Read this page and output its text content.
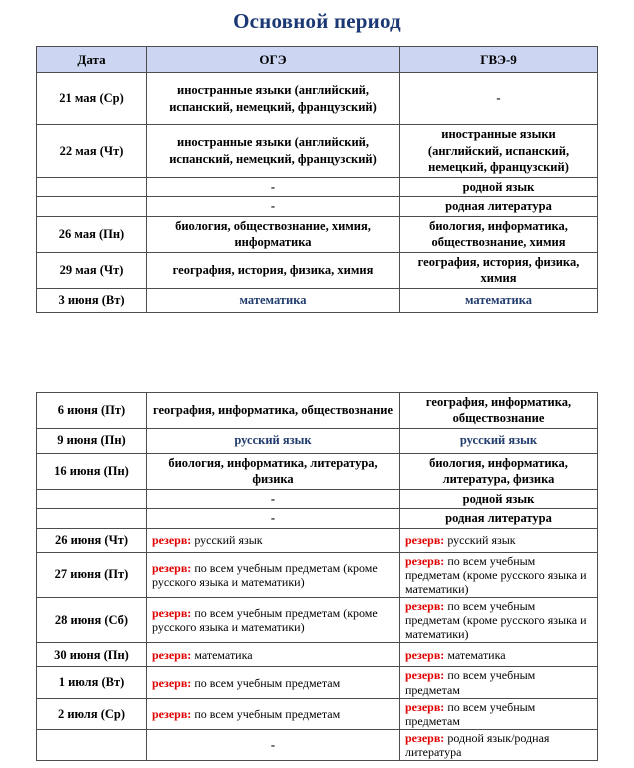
Основной период
Дата	ОГЭ	ГВЭ-9
21 мая (Ср)	иностранные языки (английский, испанский, немецкий, французский)	-
22 мая (Чт)	иностранные языки (английский, испанский, немецкий, французский)	иностранные языки (английский, испанский, немецкий, французский)
	-	родной язык
	-	родная литература
26 мая (Пн)	биология, обществознание, химия, информатика	биология, информатика, обществознание, химия
29 мая (Чт)	география, история, физика, химия	география, история, физика, химия
3 июня (Вт)	математика	математика
6 июня (Пт)	география, информатика, обществознание	география, информатика, обществознание
9 июня (Пн)	русский язык	русский язык
16 июня (Пн)	биология, информатика, литература, физика	биология, информатика, литература, физика
	-	родной язык
	-	родная литература
26 июня (Чт)	резерв: русский язык	резерв: русский язык
27 июня (Пт)	резерв: по всем учебным предметам (кроме русского языка и математики)	резерв: по всем учебным предметам (кроме русского языка и математики)
28 июня (Сб)	резерв: по всем учебным предметам (кроме русского языка и математики)	резерв: по всем учебным предметам (кроме русского языка и математики)
30 июня (Пн)	резерв: математика	резерв: математика
1 июля (Вт)	резерв: по всем учебным предметам	резерв: по всем учебным предметам
2 июля (Ср)	резерв: по всем учебным предметам	резерв: по всем учебным предметам
	-	резерв: родной язык/родная литература
